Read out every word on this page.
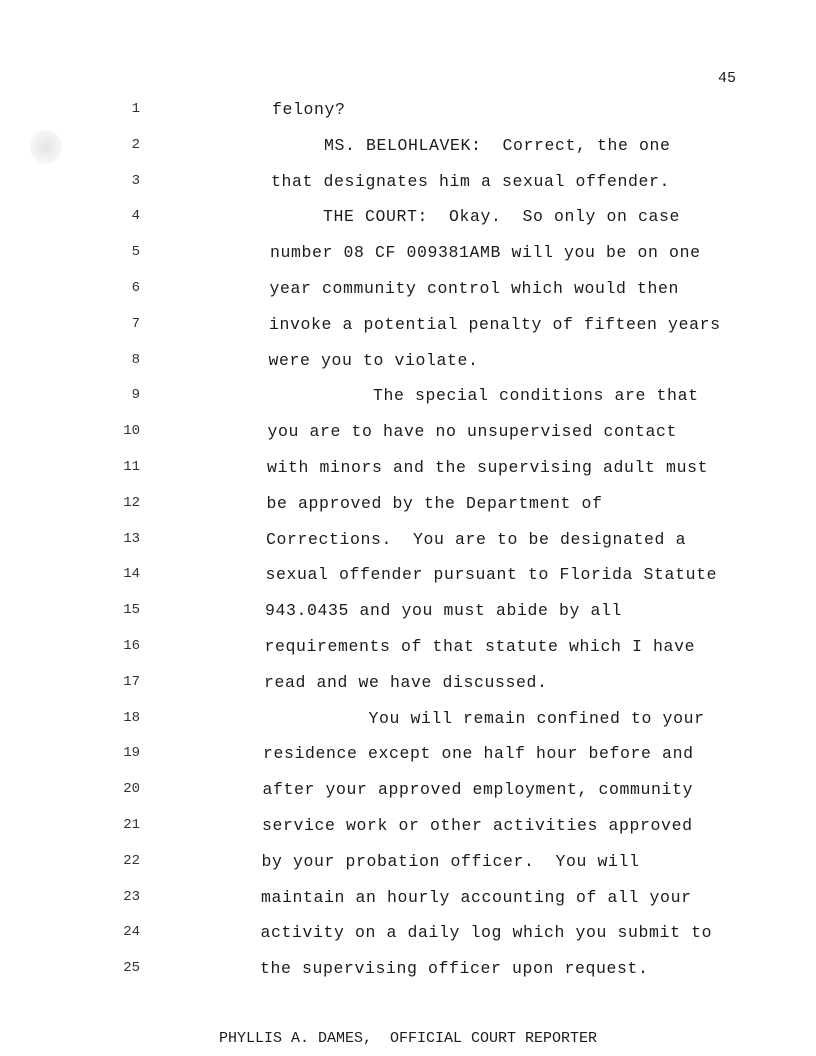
45
1	felony?
2	MS. BELOHLAVEK:  Correct, the one
3	that designates him a sexual offender.
4	THE COURT:  Okay.  So only on case
5	number 08 CF 009381AMB will you be on one
6	year community control which would then
7	invoke a potential penalty of fifteen years
8	were you to violate.
9	The special conditions are that
10	you are to have no unsupervised contact
11	with minors and the supervising adult must
12	be approved by the Department of
13	Corrections.  You are to be designated a
14	sexual offender pursuant to Florida Statute
15	943.0435 and you must abide by all
16	requirements of that statute which I have
17	read and we have discussed.
18	You will remain confined to your
19	residence except one half hour before and
20	after your approved employment, community
21	service work or other activities approved
22	by your probation officer.  You will
23	maintain an hourly accounting of all your
24	activity on a daily log which you submit to
25	the supervising officer upon request.
PHYLLIS A. DAMES,  OFFICIAL COURT REPORTER
